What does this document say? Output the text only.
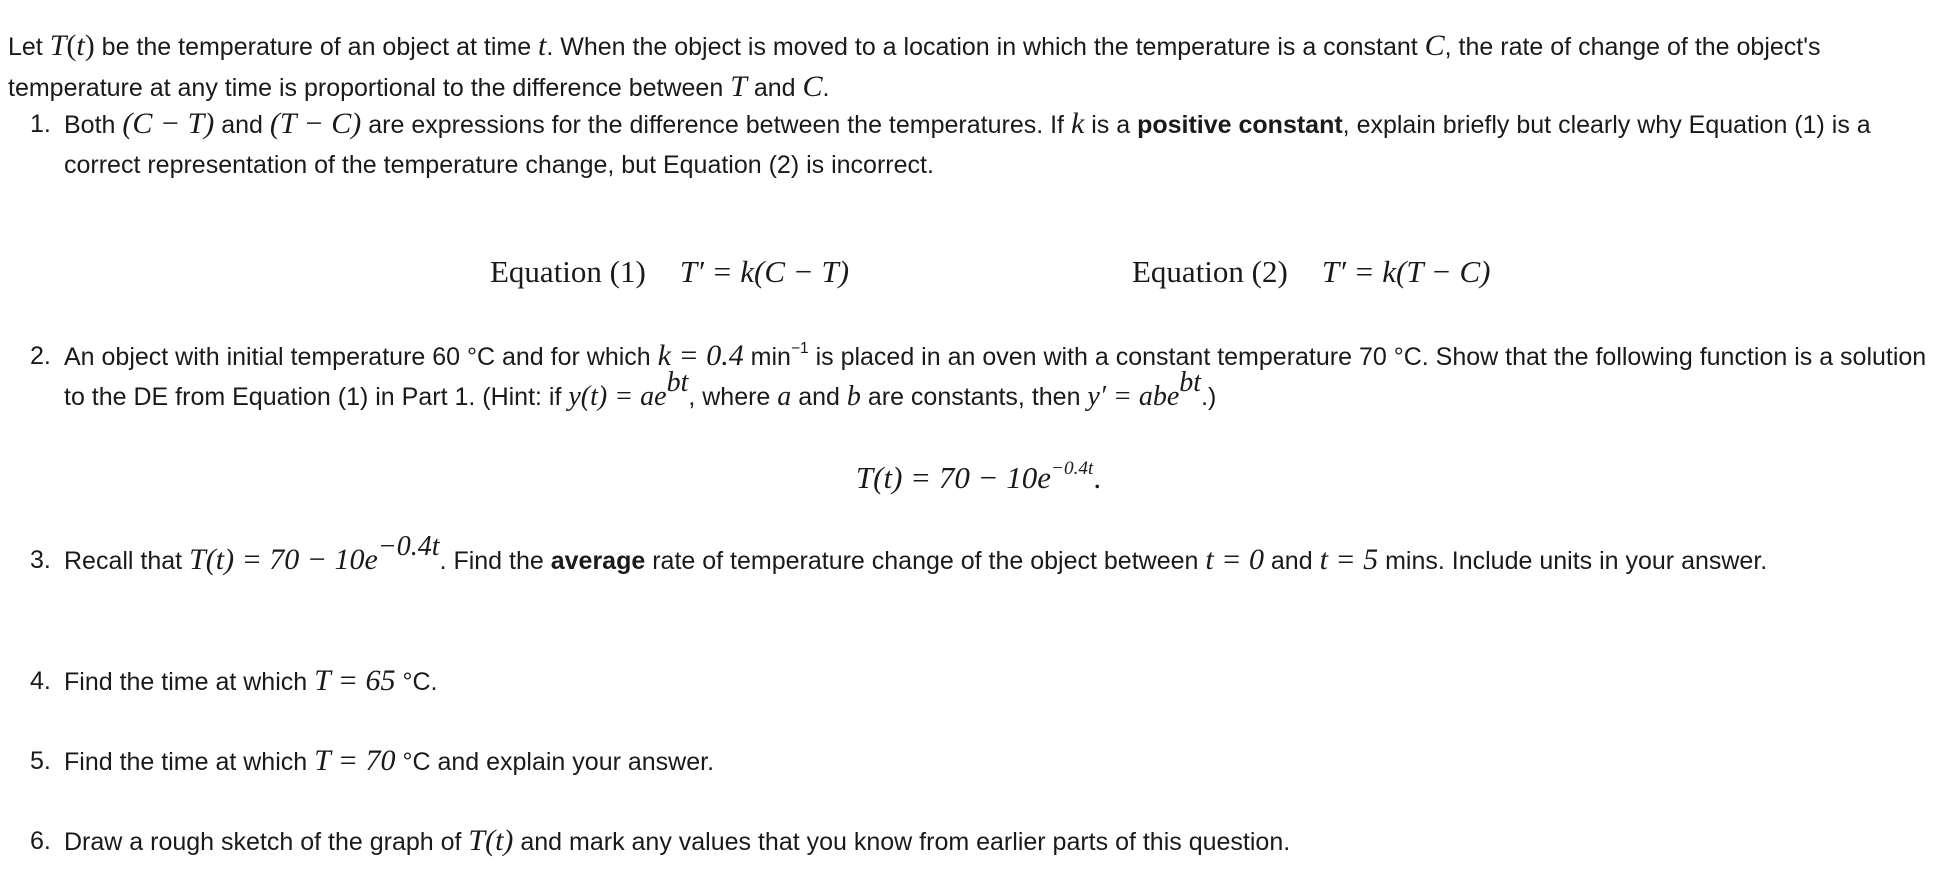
Let T(t) be the temperature of an object at time t. When the object is moved to a location in which the temperature is a constant C, the rate of change of the object's temperature at any time is proportional to the difference between T and C.
1. Both (C − T) and (T − C) are expressions for the difference between the temperatures. If k is a positive constant, explain briefly but clearly why Equation (1) is a correct representation of the temperature change, but Equation (2) is incorrect.
Equation (1) T′ = k(C − T)	Equation (2) T′ = k(T − C)
2. An object with initial temperature 60 °C and for which k = 0.4 $\min^{-1}$ is placed in an oven with a constant temperature 70 °C. Show that the following function is a solution to the DE from Equation (1) in Part 1. (Hint: if $y(t) = ae^{bt}$, where a and b are constants, then y′ = abe$^{bt}$.)
$T(t) = 70 - 10e^{-0.4t}$.
3. Recall that $T(t) = 70 - 10e^{-0.4t}$. Find the average rate of temperature change of the object between t = 0 and t = 5 mins. Include units in your answer.
4. Find the time at which T = 65 °C.
5. Find the time at which T = 70 °C and explain your answer.
6. Draw a rough sketch of the graph of T(t) and mark any values that you know from earlier parts of this question.
